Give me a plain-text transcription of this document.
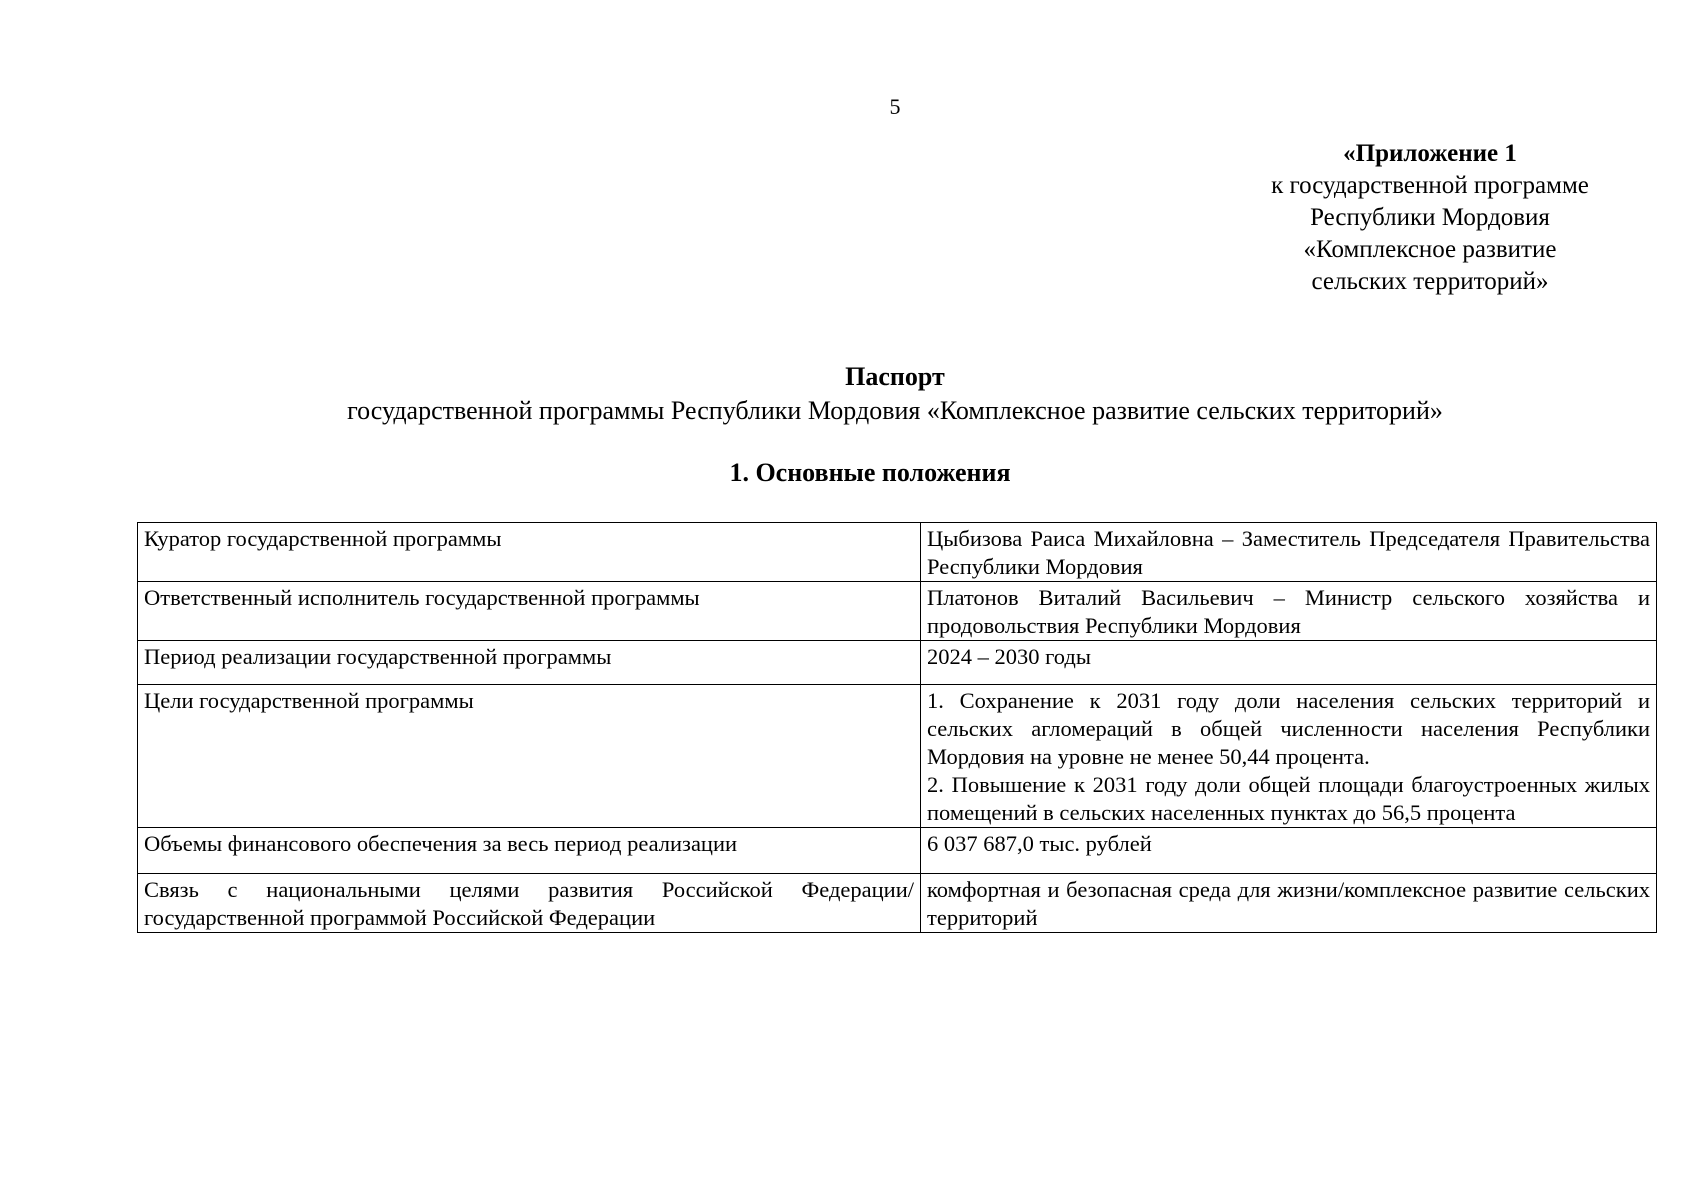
5
«Приложение 1
к государственной программе
Республики Мордовия
«Комплексное развитие
сельских территорий»
Паспорт
государственной программы Республики Мордовия «Комплексное развитие сельских территорий»
1. Основные положения
Куратор государственной программы	Цыбизова Раиса Михайловна – Заместитель Председателя Правительства Республики Мордовия

Ответственный исполнитель государственной программы	Платонов Виталий Васильевич – Министр сельского хозяйства и продовольствия Республики Мордовия

Период реализации государственной программы	2024 – 2030 годы

Цели государственной программы	1. Сохранение к 2031 году доли населения сельских территорий и сельских агломераций в общей численности населения Республики Мордовия на уровне не менее 50,44 процента.
2. Повышение к 2031 году доли общей площади благоустроенных жилых помещений в сельских населенных пунктах до 56,5 процента

Объемы финансового обеспечения за весь период реализации	6 037 687,0 тыс. рублей

Связь с национальными целями развития Российской Федерации/государственной программой Российской Федерации	комфортная и безопасная среда для жизни/комплексное развитие сельских территорий
